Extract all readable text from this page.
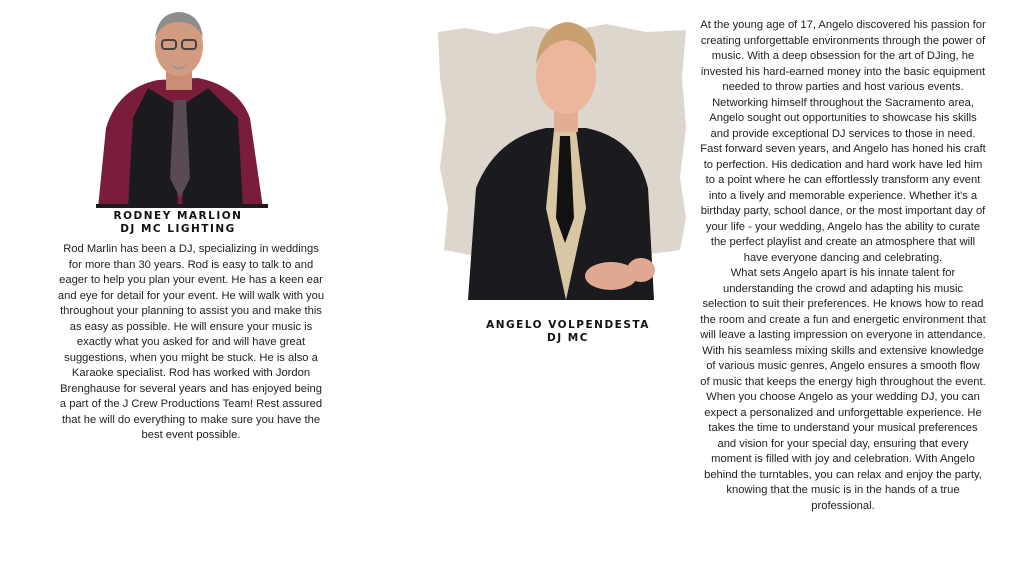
RODNEY MARLION
DJ MC LIGHTING

Rod Marlin has been a DJ, specializing in weddings for more than 30 years. Rod is easy to talk to and eager to help you plan your event. He has a keen ear and eye for detail for your event. He will walk with you throughout your planning to assist you and make this as easy as possible. He will ensure your music is exactly what you asked for and will have great suggestions, when you might be stuck. He is also a Karaoke specialist. Rod has worked with Jordon Brenghause for several years and has enjoyed being a part of the J Crew Productions Team! Rest assured that he will do everything to make sure you have the best event possible.

ANGELO VOLPENDESTA
DJ MC

At the young age of 17, Angelo discovered his passion for creating unforgettable environments through the power of music. With a deep obsession for the art of DJing, he invested his hard-earned money into the basic equipment needed to throw parties and host various events. Networking himself throughout the Sacramento area, Angelo sought out opportunities to showcase his skills and provide exceptional DJ services to those in need.

Fast forward seven years, and Angelo has honed his craft to perfection. His dedication and hard work have led him to a point where he can effortlessly transform any event into a lively and memorable experience. Whether it's a birthday party, school dance, or the most important day of your life - your wedding, Angelo has the ability to curate the perfect playlist and create an atmosphere that will have everyone dancing and celebrating.

What sets Angelo apart is his innate talent for understanding the crowd and adapting his music selection to suit their preferences. He knows how to read the room and create a fun and energetic environment that will leave a lasting impression on everyone in attendance. With his seamless mixing skills and extensive knowledge of various music genres, Angelo ensures a smooth flow of music that keeps the energy high throughout the event.

When you choose Angelo as your wedding DJ, you can expect a personalized and unforgettable experience. He takes the time to understand your musical preferences and vision for your special day, ensuring that every moment is filled with joy and celebration. With Angelo behind the turntables, you can relax and enjoy the party, knowing that the music is in the hands of a true professional.
